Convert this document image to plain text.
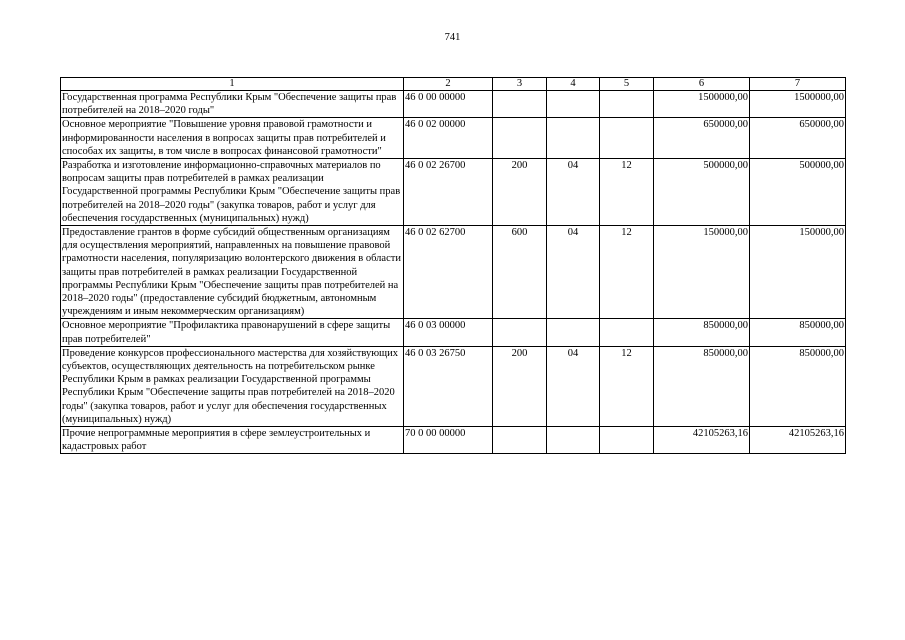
741
1	2	3	4	5	6	7
Государственная программа Республики Крым "Обеспечение защиты прав потребителей на 2018–2020 годы"	46 0 00 00000				1500000,00	1500000,00
Основное мероприятие "Повышение уровня правовой грамотности и информированности населения в вопросах защиты прав потребителей и способах их защиты, в том числе в вопросах финансовой грамотности"	46 0 02 00000				650000,00	650000,00
Разработка и изготовление информационно-справочных материалов по вопросам защиты прав потребителей в рамках реализации Государственной программы Республики Крым "Обеспечение защиты прав потребителей на 2018–2020 годы" (закупка товаров, работ и услуг для обеспечения государственных (муниципальных) нужд)	46 0 02 26700	200	04	12	500000,00	500000,00
Предоставление грантов в форме субсидий общественным организациям для осуществления мероприятий, направленных на повышение правовой грамотности населения, популяризацию волонтерского движения в области защиты прав потребителей в рамках реализации Государственной программы Республики Крым "Обеспечение защиты прав потребителей на 2018–2020 годы" (предоставление субсидий бюджетным, автономным учреждениям и иным некоммерческим организациям)	46 0 02 62700	600	04	12	150000,00	150000,00
Основное мероприятие "Профилактика правонарушений в сфере защиты прав потребителей"	46 0 03 00000				850000,00	850000,00
Проведение конкурсов профессионального мастерства для хозяйствующих субъектов, осуществляющих деятельность на потребительском рынке Республики Крым в рамках реализации Государственной программы Республики Крым "Обеспечение защиты прав потребителей на 2018–2020 годы" (закупка товаров, работ и услуг для обеспечения государственных (муниципальных) нужд)	46 0 03 26750	200	04	12	850000,00	850000,00
Прочие непрограммные мероприятия в сфере землеустроительных и кадастровых работ	70 0 00 00000				42105263,16	42105263,16
